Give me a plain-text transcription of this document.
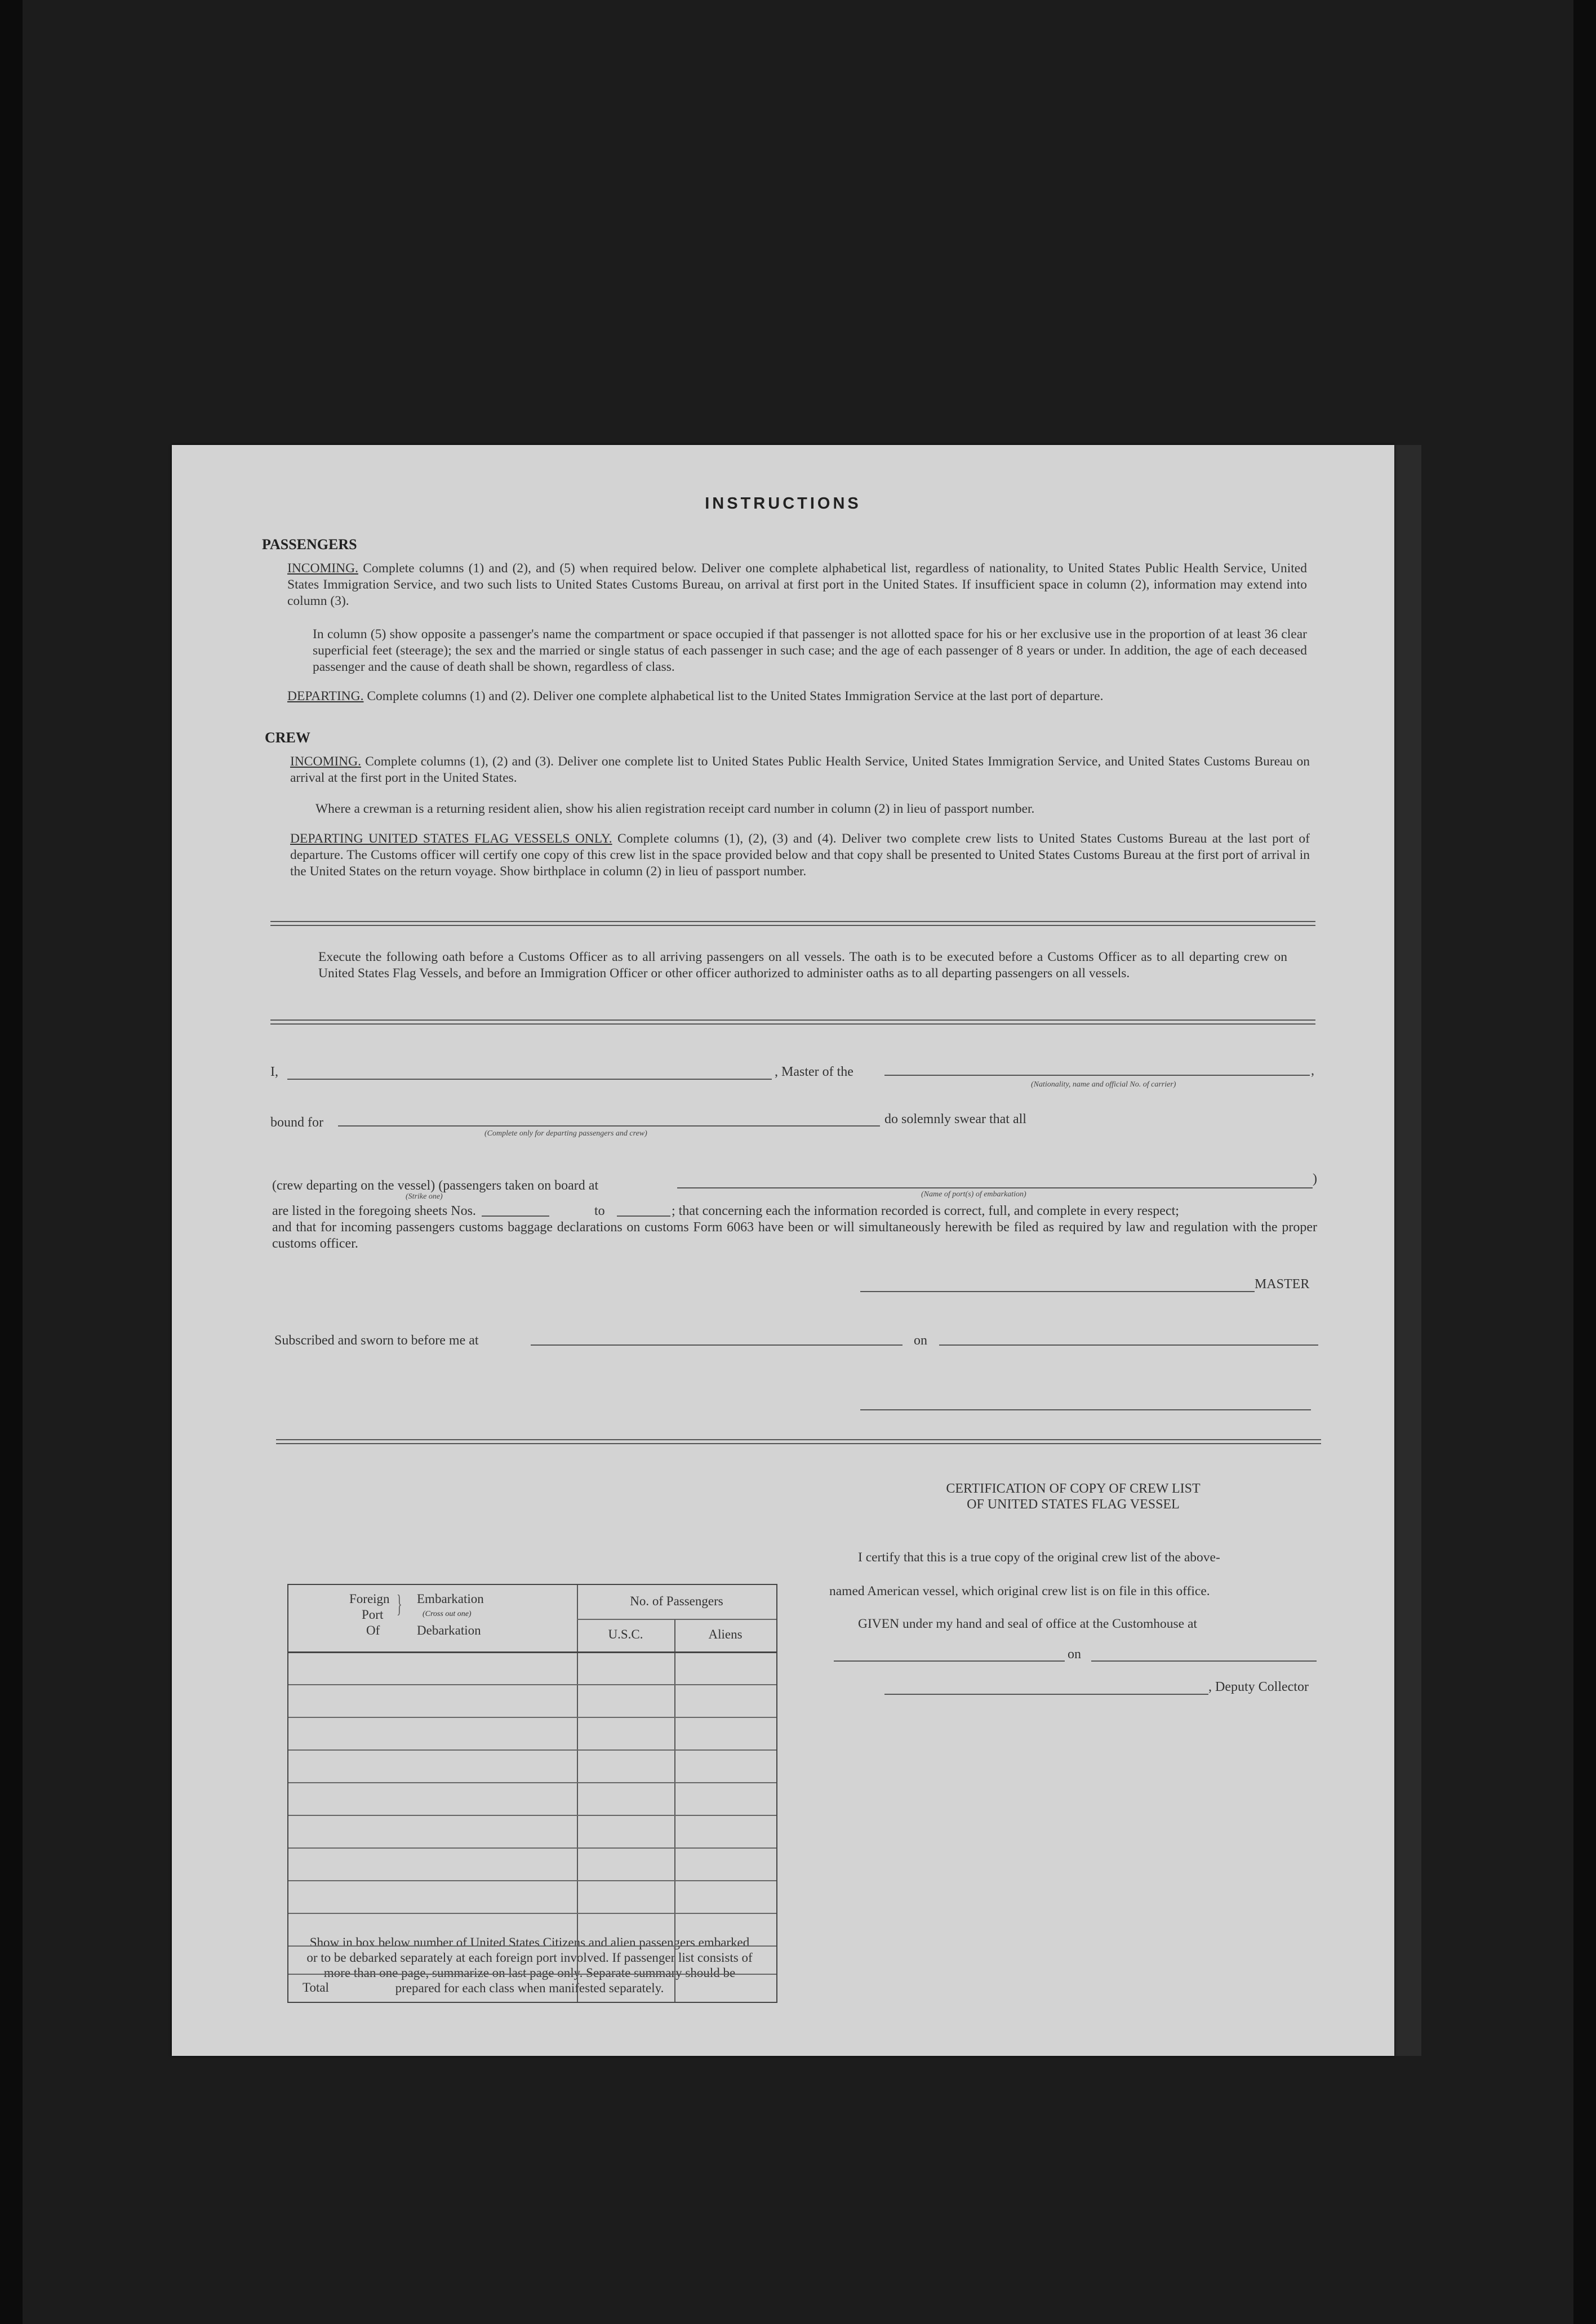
INSTRUCTIONS
PASSENGERS
INCOMING. Complete columns (1) and (2), and (5) when required below. Deliver one complete alphabetical list, regardless of nationality, to United States Public Health Service, United States Immigration Service, and two such lists to United States Customs Bureau, on arrival at first port in the United States. If insufficient space in column (2), information may extend into column (3).
In column (5) show opposite a passenger's name the compartment or space occupied if that passenger is not allotted space for his or her exclusive use in the proportion of at least 36 clear superficial feet (steerage); the sex and the married or single status of each passenger in such case; and the age of each passenger of 8 years or under. In addition, the age of each deceased passenger and the cause of death shall be shown, regardless of class.
DEPARTING. Complete columns (1) and (2). Deliver one complete alphabetical list to the United States Immigration Service at the last port of departure.
CREW
INCOMING. Complete columns (1), (2) and (3). Deliver one complete list to United States Public Health Service, United States Immigration Service, and United States Customs Bureau on arrival at the first port in the United States.
Where a crewman is a returning resident alien, show his alien registration receipt card number in column (2) in lieu of passport number.
DEPARTING UNITED STATES FLAG VESSELS ONLY. Complete columns (1), (2), (3) and (4). Deliver two complete crew lists to United States Customs Bureau at the last port of departure. The Customs officer will certify one copy of this crew list in the space provided below and that copy shall be presented to United States Customs Bureau at the first port of arrival in the United States on the return voyage. Show birthplace in column (2) in lieu of passport number.
Execute the following oath before a Customs Officer as to all arriving passengers on all vessels. The oath is to be executed before a Customs Officer as to all departing crew on United States Flag Vessels, and before an Immigration Officer or other officer authorized to administer oaths as to all departing passengers on all vessels.
I,	, Master of the	,
(Nationality, name and official No. of carrier)
bound for	do solemnly swear that all
(Complete only for departing passengers and crew)
(crew departing on the vessel) (passengers taken on board at
(Strike one)
)
(Name of port(s) of embarkation)
are listed in the foregoing sheets Nos.	to	; that concerning each the information recorded is correct, full, and complete in every respect;
and that for incoming passengers customs baggage declarations on customs Form 6063 have been or will simultaneously herewith be filed as required by law and regulation with the proper customs officer.
MASTER
Subscribed and sworn to before me at	on
Show in box below number of United States Citizens and alien passengers embarked or to be debarked separately at each foreign port involved. If passenger list consists of more than one page, summarize on last page only. Separate summary should be prepared for each class when manifested separately.
Foreign
Port
Of
} Embarkation
(Cross out one)
Debarkation
No. of Passengers
U.S.C.	Aliens
Total
CERTIFICATION OF COPY OF CREW LIST
OF UNITED STATES FLAG VESSEL
I certify that this is a true copy of the original crew list of the above-
named American vessel, which original crew list is on file in this office.
GIVEN under my hand and seal of office at the Customhouse at
on
, Deputy Collector
